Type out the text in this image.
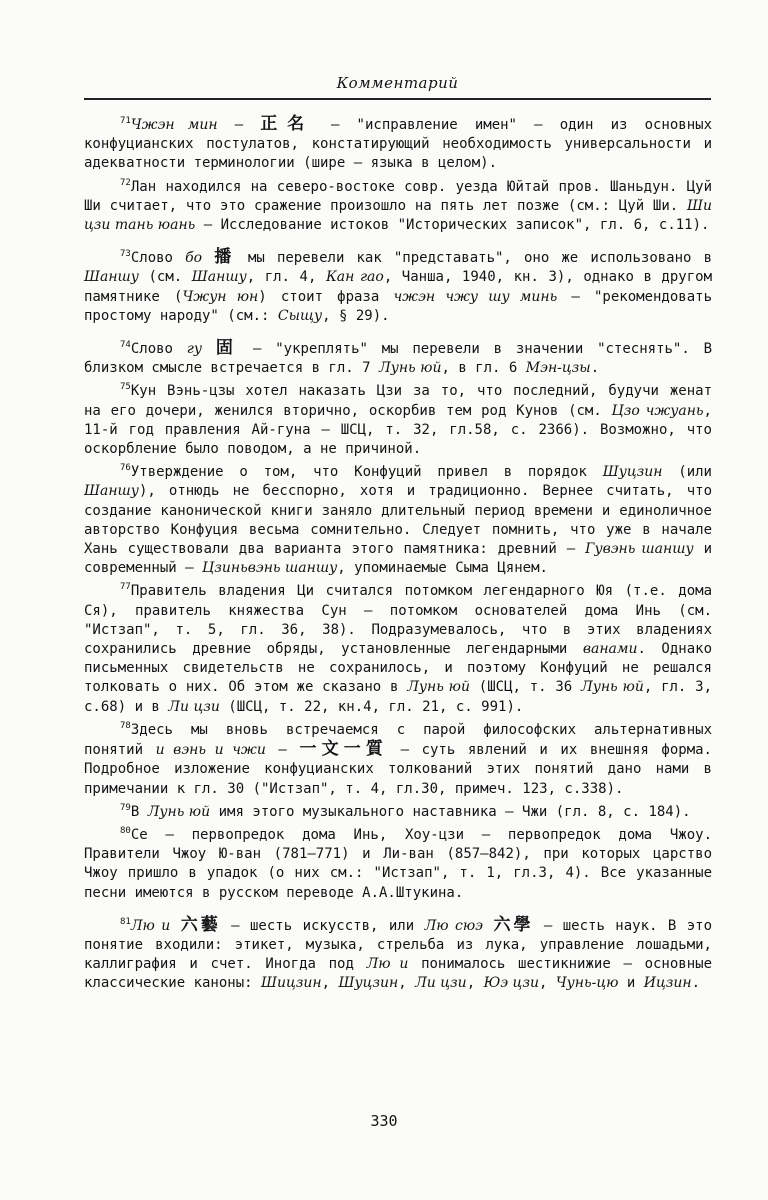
Комментарий
$^{71}$Чжэн мин – 正名 – "исправление имен" – один из основных конфуцианских постулатов, констатирующий необходимость универсальности и адекватности терминологии (шире – языка в целом).
$^{72}$Лан находился на северо-востоке совр. уезда Юйтай пров. Шаньдун. Цуй Ши считает, что это сражение произошло на пять лет позже (см.: Цуй Ши. Ши цзи тань юань – Исследование истоков "Исторических записок", гл. 6, с.11).
$^{73}$Слово бо 播 мы перевели как "представать", оно же использовано в Шаншу (см. Шаншу, гл. 4, Кан гао, Чанша, 1940, кн. 3), однако в другом памятнике (Чжун юн) стоит фраза чжэн чжу шу минь – "рекомендовать простому народу" (см.: Сыщу, § 29).
$^{74}$Слово гу 固 – "укреплять" мы перевели в значении "стеснять". В близком смысле встречается в гл. 7 Лунь юй, в гл. 6 Мэн-цзы.
$^{75}$Кун Вэнь-цзы хотел наказать Цзи за то, что последний, будучи женат на его дочери, женился вторично, оскорбив тем род Кунов (см. Цзо чжуань, 11-й год правления Ай-гуна – ШСЦ, т. 32, гл.58, с. 2366). Возможно, что оскорбление было поводом, а не причиной.
$^{76}$Утверждение о том, что Конфуций привел в порядок Шуцзин (или Шаншу), отнюдь не бесспорно, хотя и традиционно. Вернее считать, что создание канонической книги заняло длительный период времени и единоличное авторство Конфуция весьма сомнительно. Следует помнить, что уже в начале Хань существовали два варианта этого памятника: древний – Гувэнь шаншу и современный – Цзиньвэнь шаншу, упоминаемые Сыма Цянем.
$^{77}$Правитель владения Ци считался потомком легендарного Юя (т.е. дома Ся), правитель княжества Сун – потомком основателей дома Инь (см. "Истзап", т. 5, гл. 36, 38). Подразумевалось, что в этих владениях сохранились древние обряды, установленные легендарными ванами. Однако письменных свидетельств не сохранилось, и поэтому Конфуций не решался толковать о них. Об этом же сказано в Лунь юй (ШСЦ, т. 36 Лунь юй, гл. 3, с.68) и в Ли цзи (ШСЦ, т. 22, кн.4, гл. 21, с. 991).
$^{78}$Здесь мы вновь встречаемся с парой философских альтернативных понятий и вэнь и чжи – 一文一質 – суть явлений и их внешняя форма. Подробное изложение конфуцианских толкований этих понятий дано нами в примечании к гл. 30 ("Истзап", т. 4, гл.30, примеч. 123, с.338).
$^{79}$В Лунь юй имя этого музыкального наставника – Чжи (гл. 8, с. 184).
$^{80}$Се – первопредок дома Инь, Хоу-цзи – первопредок дома Чжоу. Правители Чжоу Ю-ван (781–771) и Ли-ван (857–842), при которых царство Чжоу пришло в упадок (о них см.: "Истзап", т. 1, гл.3, 4). Все указанные песни имеются в русском переводе А.А.Штукина.
$^{81}$Лю и 六藝 – шесть искусств, или Лю сюэ 六學 – шесть наук. В это понятие входили: этикет, музыка, стрельба из лука, управление лошадьми, каллиграфия и счет. Иногда под Лю и понималось шестикнижие – основные классические каноны: Шицзин, Шуцзин, Ли цзи, Юэ цзи, Чунь-цю и Ицзин.
330
